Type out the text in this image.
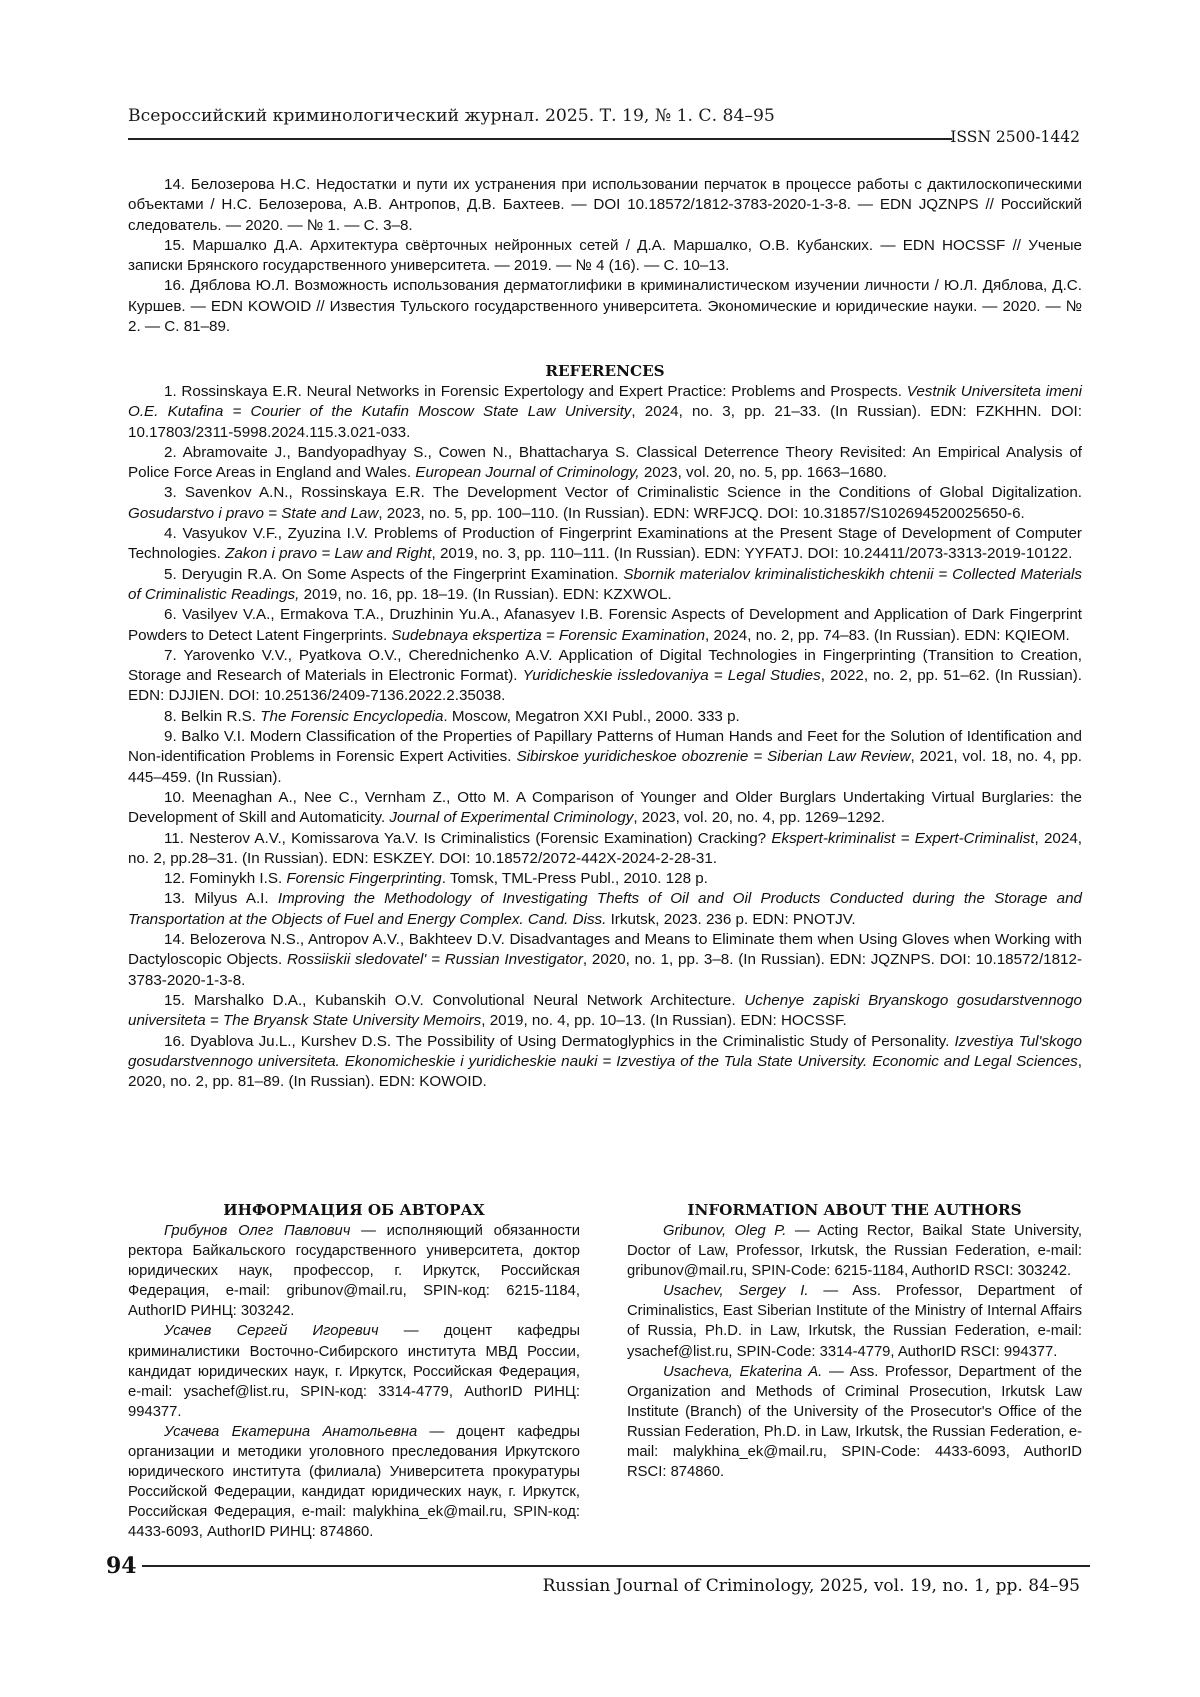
Всероссийский криминологический журнал. 2025. Т. 19, № 1. С. 84–95
ISSN 2500-1442

14. Белозерова Н.С. Недостатки и пути их устранения при использовании перчаток в процессе работы с дактилоскопическими объектами / Н.С. Белозерова, А.В. Антропов, Д.В. Бахтеев. — DOI 10.18572/1812-3783-2020-1-3-8. — EDN JQZNPS // Российский следователь. — 2020. — № 1. — С. 3–8.

15. Маршалко Д.А. Архитектура свёрточных нейронных сетей / Д.А. Маршалко, О.В. Кубанских. — EDN HOCSSF // Ученые записки Брянского государственного университета. — 2019. — № 4 (16). — С. 10–13.

16. Дяблова Ю.Л. Возможность использования дерматоглифики в криминалистическом изучении личности / Ю.Л. Дяблова, Д.С. Куршев. — EDN KOWOID // Известия Тульского государственного университета. Экономические и юридические науки. — 2020. — № 2. — С. 81–89.

REFERENCES

1. Rossinskaya E.R. Neural Networks in Forensic Expertology and Expert Practice: Problems and Prospects. Vestnik Universiteta imeni O.E. Kutafina = Courier of the Kutafin Moscow State Law University, 2024, no. 3, pp. 21–33. (In Russian). EDN: FZKHHN. DOI: 10.17803/2311-5998.2024.115.3.021-033.

2. Abramovaite J., Bandyopadhyay S., Cowen N., Bhattacharya S. Classical Deterrence Theory Revisited: An Empirical Analysis of Police Force Areas in England and Wales. European Journal of Criminology, 2023, vol. 20, no. 5, pp. 1663–1680.

3. Savenkov A.N., Rossinskaya E.R. The Development Vector of Criminalistic Science in the Conditions of Global Digitalization. Gosudarstvo i pravo = State and Law, 2023, no. 5, pp. 100–110. (In Russian). EDN: WRFJCQ. DOI: 10.31857/S102694520025650-6.

4. Vasyukov V.F., Zyuzina I.V. Problems of Production of Fingerprint Examinations at the Present Stage of Development of Computer Technologies. Zakon i pravo = Law and Right, 2019, no. 3, pp. 110–111. (In Russian). EDN: YYFATJ. DOI: 10.24411/2073-3313-2019-10122.

5. Deryugin R.A. On Some Aspects of the Fingerprint Examination. Sbornik materialov kriminalisticheskikh chtenii = Collected Materials of Criminalistic Readings, 2019, no. 16, pp. 18–19. (In Russian). EDN: KZXWOL.

6. Vasilyev V.A., Ermakova T.A., Druzhinin Yu.A., Afanasyev I.B. Forensic Aspects of Development and Application of Dark Fingerprint Powders to Detect Latent Fingerprints. Sudebnaya ekspertiza = Forensic Examination, 2024, no. 2, pp. 74–83. (In Russian). EDN: KQIEOM.

7. Yarovenko V.V., Pyatkova O.V., Cherednichenko A.V. Application of Digital Technologies in Fingerprinting (Transition to Creation, Storage and Research of Materials in Electronic Format). Yuridicheskie issledovaniya = Legal Studies, 2022, no. 2, pp. 51–62. (In Russian). EDN: DJJIEN. DOI: 10.25136/2409-7136.2022.2.35038.

8. Belkin R.S. The Forensic Encyclopedia. Moscow, Megatron XXI Publ., 2000. 333 p.

9. Balko V.I. Modern Classification of the Properties of Papillary Patterns of Human Hands and Feet for the Solution of Identification and Non-identification Problems in Forensic Expert Activities. Sibirskoe yuridicheskoe obozrenie = Siberian Law Review, 2021, vol. 18, no. 4, pp. 445–459. (In Russian).

10. Meenaghan A., Nee C., Vernham Z., Otto M. A Comparison of Younger and Older Burglars Undertaking Virtual Burglaries: the Development of Skill and Automaticity. Journal of Experimental Criminology, 2023, vol. 20, no. 4, pp. 1269–1292.

11. Nesterov A.V., Komissarova Ya.V. Is Criminalistics (Forensic Examination) Cracking? Ekspert-kriminalist = Expert-Criminalist, 2024, no. 2, pp.28–31. (In Russian). EDN: ESKZEY. DOI: 10.18572/2072-442X-2024-2-28-31.

12. Fominykh I.S. Forensic Fingerprinting. Tomsk, TML-Press Publ., 2010. 128 p.

13. Milyus A.I. Improving the Methodology of Investigating Thefts of Oil and Oil Products Conducted during the Storage and Transportation at the Objects of Fuel and Energy Complex. Cand. Diss. Irkutsk, 2023. 236 p. EDN: PNOTJV.

14. Belozerova N.S., Antropov A.V., Bakhteev D.V. Disadvantages and Means to Eliminate them when Using Gloves when Working with Dactyloscopic Objects. Rossiiskii sledovatel' = Russian Investigator, 2020, no. 1, pp. 3–8. (In Russian). EDN: JQZNPS. DOI: 10.18572/1812-3783-2020-1-3-8.

15. Marshalko D.A., Kubanskih O.V. Convolutional Neural Network Architecture. Uchenye zapiski Bryanskogo gosudarstvennogo universiteta = The Bryansk State University Memoirs, 2019, no. 4, pp. 10–13. (In Russian). EDN: HOCSSF.

16. Dyablova Ju.L., Kurshev D.S. The Possibility of Using Dermatoglyphics in the Criminalistic Study of Personality. Izvestiya Tul'skogo gosudarstvennogo universiteta. Ekonomicheskie i yuridicheskie nauki = Izvestiya of the Tula State University. Economic and Legal Sciences, 2020, no. 2, pp. 81–89. (In Russian). EDN: KOWOID.

ИНФОРМАЦИЯ ОБ АВТОРАХ

Грибунов Олег Павлович — исполняющий обязанности ректора Байкальского государственного университета, доктор юридических наук, профессор, г. Иркутск, Российская Федерация, e-mail: gribunov@mail.ru, SPIN-код: 6215-1184, AuthorID РИНЦ: 303242.

Усачев Сергей Игоревич — доцент кафедры криминалистики Восточно-Сибирского института МВД России, кандидат юридических наук, г. Иркутск, Российская Федерация, e-mail: ysachef@list.ru, SPIN-код: 3314-4779, AuthorID РИНЦ: 994377.

Усачева Екатерина Анатольевна — доцент кафедры организации и методики уголовного преследования Иркутского юридического института (филиала) Университета прокуратуры Российской Федерации, кандидат юридических наук, г. Иркутск, Российская Федерация, e-mail: malykhina_ek@mail.ru, SPIN-код: 4433-6093, AuthorID РИНЦ: 874860.

INFORMATION ABOUT THE AUTHORS

Gribunov, Oleg P. — Acting Rector, Baikal State University, Doctor of Law, Professor, Irkutsk, the Russian Federation, e-mail: gribunov@mail.ru, SPIN-Code: 6215-1184, AuthorID RSCI: 303242.

Usachev, Sergey I. — Ass. Professor, Department of Criminalistics, East Siberian Institute of the Ministry of Internal Affairs of Russia, Ph.D. in Law, Irkutsk, the Russian Federation, e-mail: ysachef@list.ru, SPIN-Code: 3314-4779, AuthorID RSCI: 994377.

Usacheva, Ekaterina A. — Ass. Professor, Department of the Organization and Methods of Criminal Prosecution, Irkutsk Law Institute (Branch) of the University of the Prosecutor's Office of the Russian Federation, Ph.D. in Law, Irkutsk, the Russian Federation, e-mail: malykhina_ek@mail.ru, SPIN-Code: 4433-6093, AuthorID RSCI: 874860.

94
Russian Journal of Criminology, 2025, vol. 19, no. 1, pp. 84–95
